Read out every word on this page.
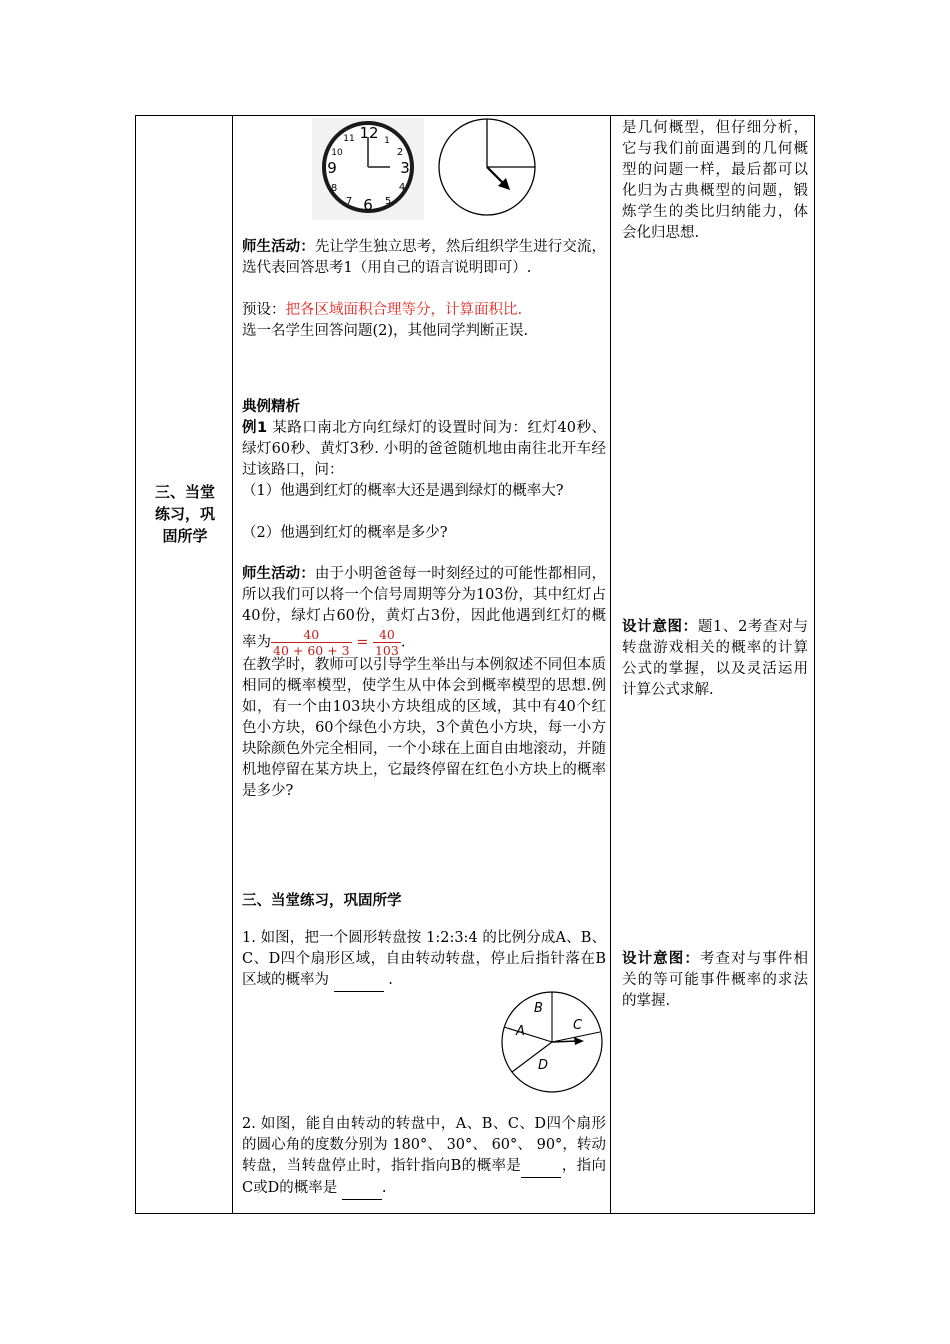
三、当堂练习，巩固所学
12 1
2
3
4
5
6
7
8
9
10
11

师生活动：先让学生独立思考，然后组织学生进行交流，选代表回答思考1（用自己的语言说明即可）.

预设：把各区域面积合理等分，计算面积比.

选一名学生回答问题(2)，其他同学判断正误.

典例精析

例1 某路口南北方向红绿灯的设置时间为：红灯40秒、绿灯60秒、黄灯3秒. 小明的爸爸随机地由南往北开车经过该路口，问：

（1）他遇到红灯的概率大还是遇到绿灯的概率大?

（2）他遇到红灯的概率是多少?

师生活动：由于小明爸爸每一时刻经过的可能性都相同，所以我们可以将一个信号周期等分为103份，其中红灯占40份，绿灯占60份，黄灯占3份，因此他遇到红灯的概率为 $\frac{40}{40 + 60 + 3} = \frac{40}{103}$ .

在教学时，教师可以引导学生举出与本例叙述不同但本质相同的概率模型，使学生从中体会到概率模型的思想.例如，有一个由103块小方块组成的区域，其中有40个红色小方块，60个绿色小方块，3个黄色小方块，每一小方块除颜色外完全相同，一个小球在上面自由地滚动，并随机地停留在某方块上，它最终停留在红色小方块上的概率是多少?

三、当堂练习，巩固所学

1. 如图，把一个圆形转盘按 1:2:3:4 的比例分成A、B、C、D四个扇形区域，自由转动转盘，停止后指针落在B区域的概率为	.

A
B
C
D

2. 如图，能自由转动的转盘中，A、B、C、D四个扇形的圆心角的度数分别为 180°、 30°、 60°、 90°，转动转盘，当转盘停止时，指针指向B的概率是	，指向C或D的概率是	.

是几何概型，但仔细分析，它与我们前面遇到的几何概型的问题一样，最后都可以化归为古典概型的问题，锻炼学生的类比归纳能力，体会化归思想.

设计意图：题1、2考查对与转盘游戏相关的概率的计算公式的掌握，以及灵活运用计算公式求解.

设计意图：考查对与事件相关的等可能事件概率的求法的掌握.
